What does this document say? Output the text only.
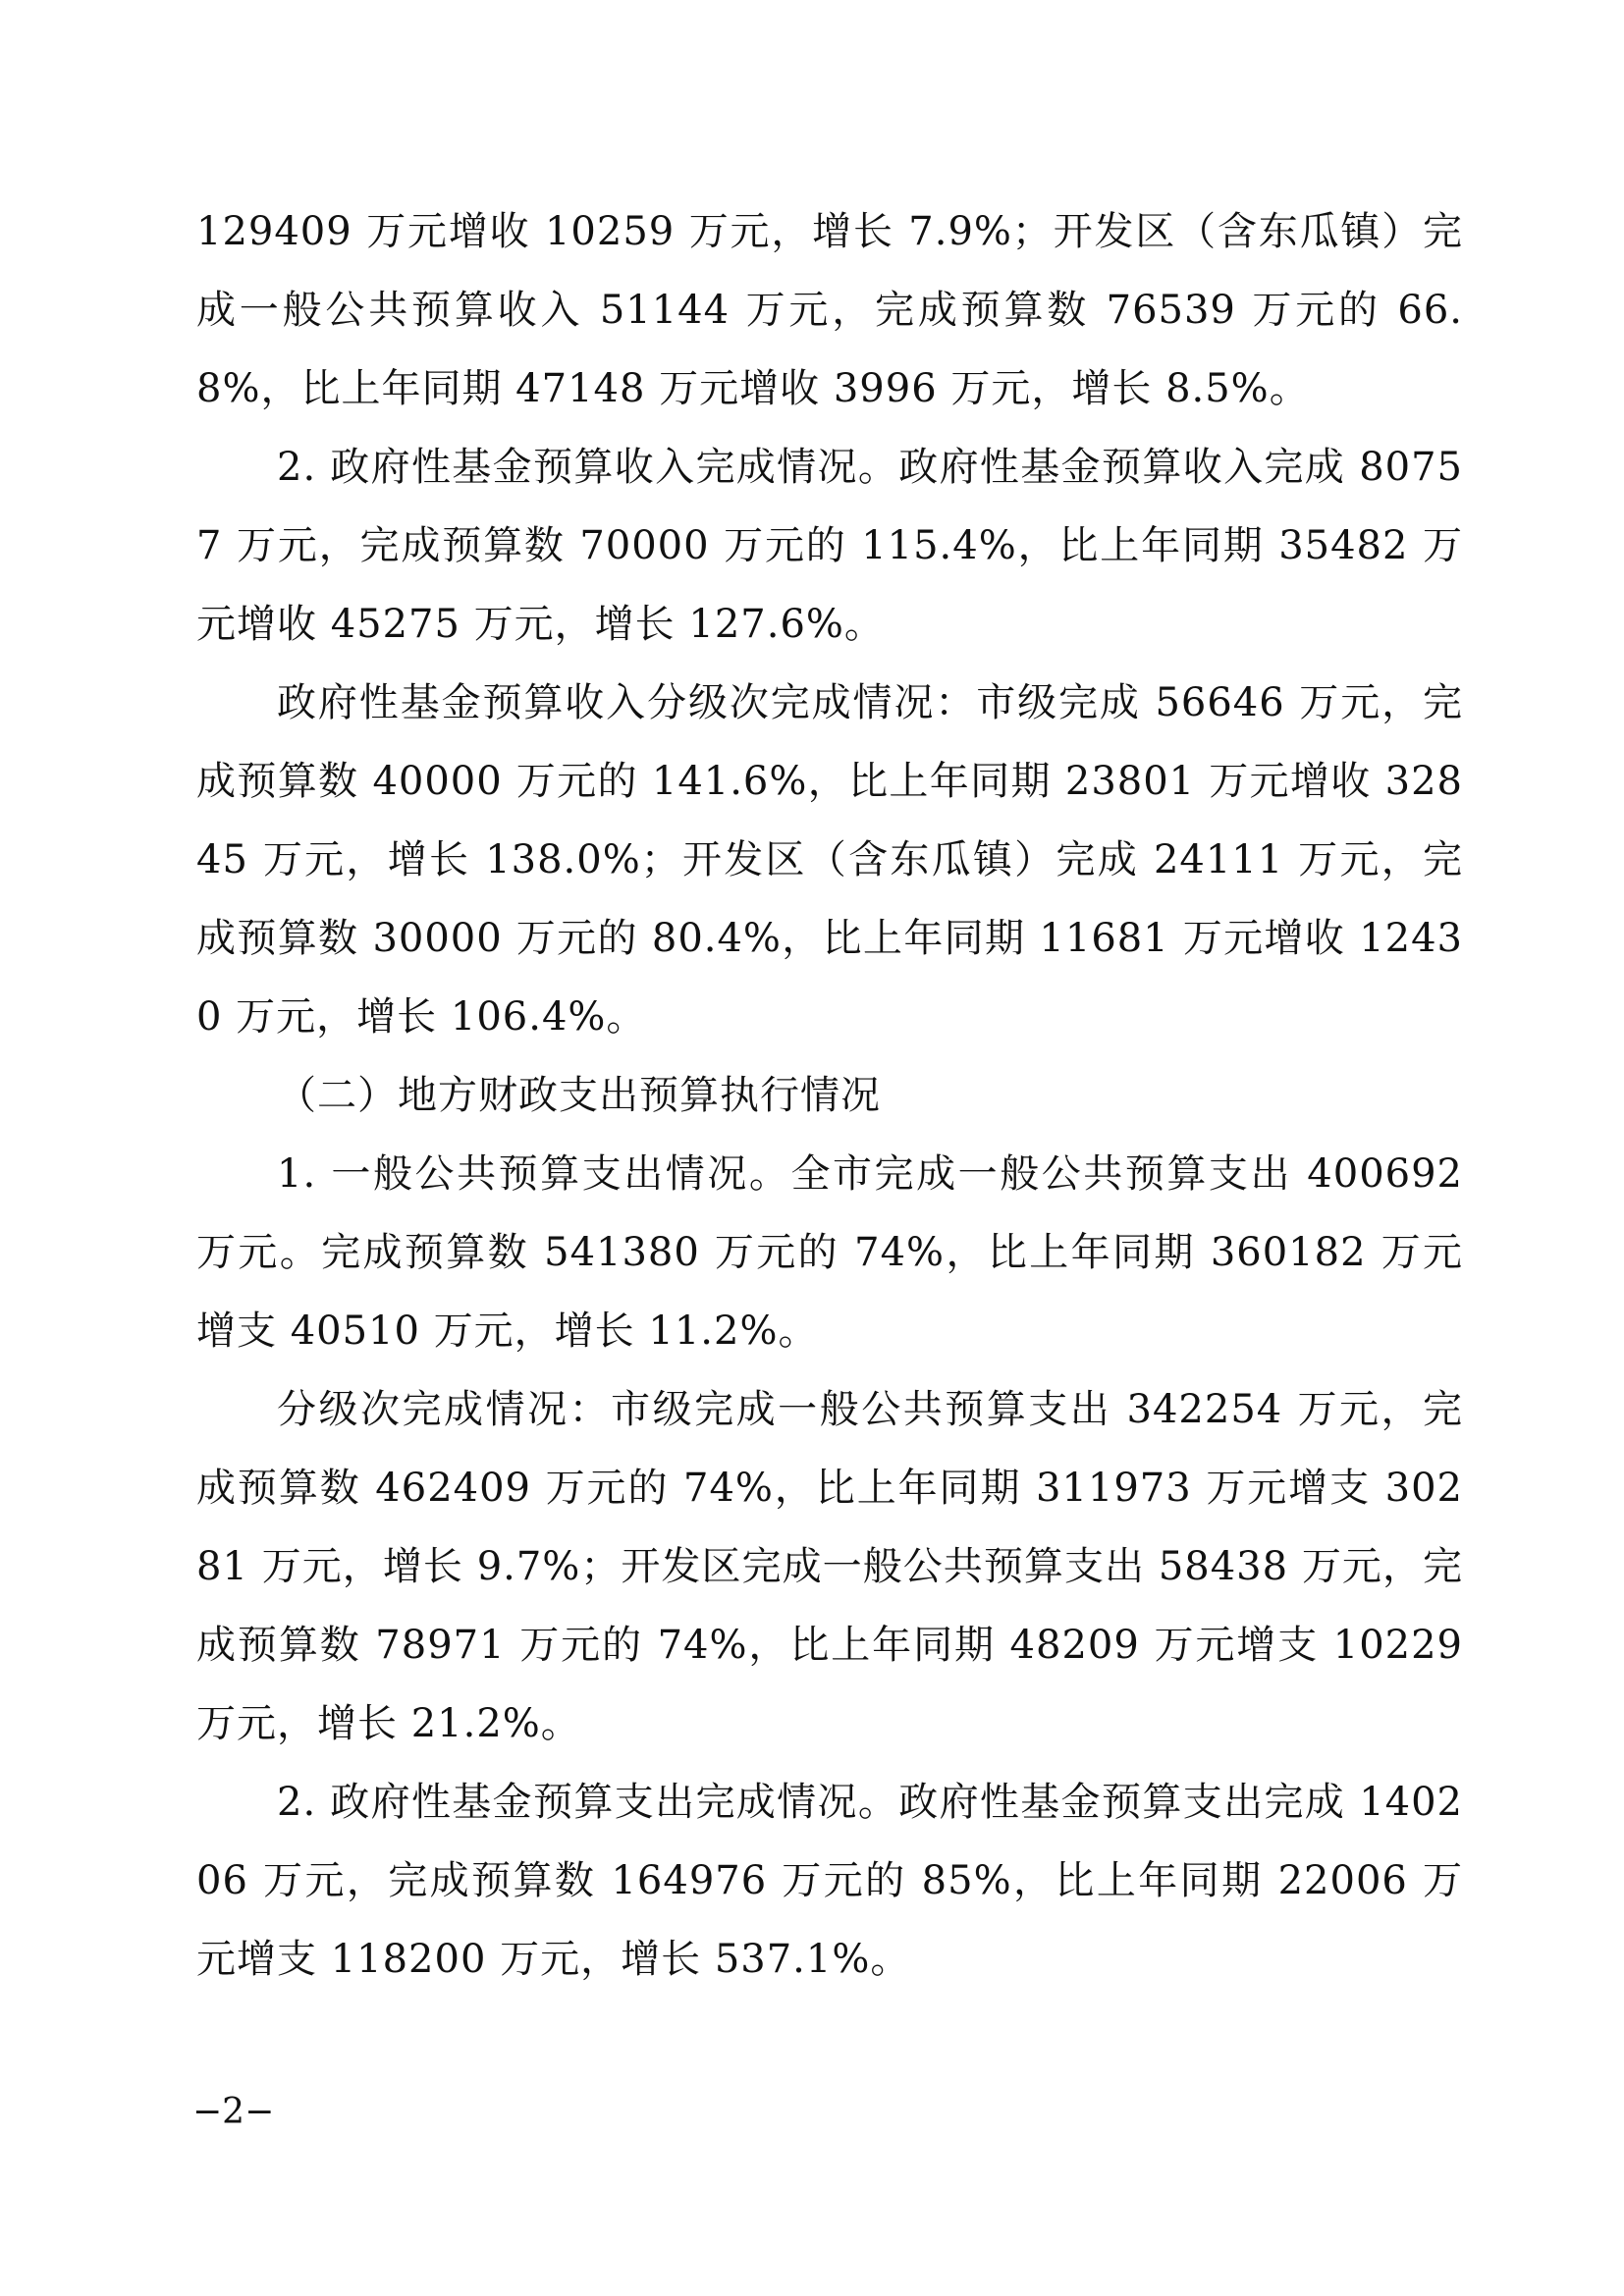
129409 万元增收 10259 万元，增长 7.9%；开发区（含东瓜镇）完成一般公共预算收入 51144 万元，完成预算数 76539 万元的 66.8%，比上年同期 47148 万元增收 3996 万元，增长 8.5%。

2. 政府性基金预算收入完成情况。政府性基金预算收入完成 80757 万元，完成预算数 70000 万元的 115.4%，比上年同期 35482 万元增收 45275 万元，增长 127.6%。

政府性基金预算收入分级次完成情况：市级完成 56646 万元，完成预算数 40000 万元的 141.6%，比上年同期 23801 万元增收 32845 万元，增长 138.0%；开发区（含东瓜镇）完成 24111 万元，完成预算数 30000 万元的 80.4%，比上年同期 11681 万元增收 12430 万元，增长 106.4%。

（二）地方财政支出预算执行情况

1. 一般公共预算支出情况。全市完成一般公共预算支出 400692 万元。完成预算数 541380 万元的 74%，比上年同期 360182 万元增支 40510 万元，增长 11.2%。

分级次完成情况：市级完成一般公共预算支出 342254 万元，完成预算数 462409 万元的 74%，比上年同期 311973 万元增支 30281 万元，增长 9.7%；开发区完成一般公共预算支出 58438 万元，完成预算数 78971 万元的 74%，比上年同期 48209 万元增支 10229 万元，增长 21.2%。

2. 政府性基金预算支出完成情况。政府性基金预算支出完成 140206 万元，完成预算数 164976 万元的 85%，比上年同期 22006 万元增支 118200 万元，增长 537.1%。

−2−
